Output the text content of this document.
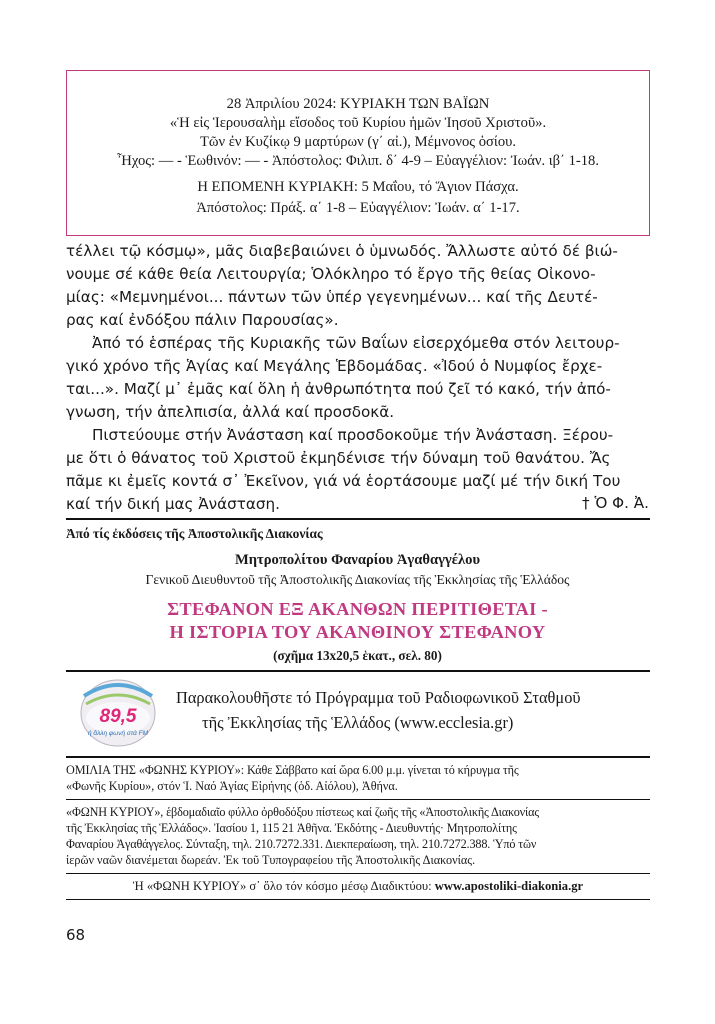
28 Ἀπριλίου 2024: ΚΥΡΙΑΚΗ ΤΩΝ ΒΑΪΩΝ
«Ἡ εἰς Ἱερουσαλὴμ εἴσοδος τοῦ Κυρίου ἡμῶν Ἰησοῦ Χριστοῦ».
Τῶν ἐν Κυζίκῳ 9 μαρτύρων (γ΄ αἰ.), Μέμνονος ὁσίου.
Ἦχος: — - Ἑωθινόν: — - Ἀπόστολος: Φιλιπ. δ΄ 4-9 – Εὐαγγέλιον: Ἰωάν. ιβ΄ 1-18.
Η ΕΠΟΜΕΝΗ ΚΥΡΙΑΚΗ: 5 Μαΐου, τό Ἅγιον Πάσχα.
Ἀπόστολος: Πράξ. α΄ 1-8 – Εὐαγγέλιον: Ἰωάν. α΄ 1-17.
τέλλει τῷ κόσμῳ», μᾶς διαβεβαιώνει ὁ ὑμνωδός. Ἄλλωστε αὐτό δέ βιώ-
νουμε σέ κάθε θεία Λειτουργία; Ὁλόκληρο τό ἔργο τῆς θείας Οἰκονο-
μίας: «Μεμνημένοι... πάντων τῶν ὑπέρ γεγενημένων... καί τῆς Δευτέ-
ρας καί ἐνδόξου πάλιν Παρουσίας».
Ἀπό τό ἑσπέρας τῆς Κυριακῆς τῶν Βαΐων εἰσερχόμεθα στόν λειτουρ-
γικό χρόνο τῆς Ἁγίας καί Μεγάλης Ἑβδομάδας. «Ἰδού ὁ Νυμφίος ἔρχε-
ται...». Μαζί μ᾽ ἐμᾶς καί ὅλη ἡ ἀνθρωπότητα πού ζεῖ τό κακό, τήν ἀπό-
γνωση, τήν ἀπελπισία, ἀλλά καί προσδοκᾶ.
Πιστεύουμε στήν Ἀνάσταση καί προσδοκοῦμε τήν Ἀνάσταση. Ξέρου-
με ὅτι ὁ θάνατος τοῦ Χριστοῦ ἐκμηδένισε τήν δύναμη τοῦ θανάτου. Ἄς
πᾶμε κι ἐμεῖς κοντά σ᾽ Ἐκεῖνον, γιά νά ἑορτάσουμε μαζί μέ τήν δική Του
καί τήν δική μας Ἀνάσταση.	† Ὁ Φ. Ἀ.
Ἀπό τίς ἐκδόσεις τῆς Ἀποστολικῆς Διακονίας
Μητροπολίτου Φαναρίου Ἀγαθαγγέλου
Γενικοῦ Διευθυντοῦ τῆς Ἀποστολικῆς Διακονίας τῆς Ἐκκλησίας τῆς Ἑλλάδος
ΣΤΕΦΑΝΟΝ ΕΞ ΑΚΑΝΘΩΝ ΠΕΡΙΤΙΘΕΤΑΙ -
Η ΙΣΤΟΡΙΑ ΤΟΥ ΑΚΑΝΘΙΝΟΥ ΣΤΕΦΑΝΟΥ
(σχῆμα 13x20,5 ἑκατ., σελ. 80)
89,5
ἡ ἄλλη φωνή στά FM
Παρακολουθῆστε τό Πρόγραμμα τοῦ Ραδιοφωνικοῦ Σταθμοῦ
τῆς Ἐκκλησίας τῆς Ἑλλάδος (www.ecclesia.gr)
ΟΜΙΛΙΑ ΤΗΣ «ΦΩΝΗΣ ΚΥΡΙΟΥ»: Κάθε Σάββατο καί ὥρα 6.00 μ.μ. γίνεται τό κήρυγμα τῆς
«Φωνῆς Κυρίου», στόν Ἱ. Ναό Ἁγίας Εἰρήνης (ὁδ. Αἰόλου), Ἀθήνα.
«ΦΩΝΗ ΚΥΡΙΟΥ», ἑβδομαδιαῖο φύλλο ὀρθοδόξου πίστεως καί ζωῆς τῆς «Ἀποστολικῆς Διακονίας
τῆς Ἐκκλησίας τῆς Ἑλλάδος». Ἰασίου 1, 115 21 Ἀθῆνα. Ἐκδότης - Διευθυντής· Μητροπολίτης
Φαναρίου Ἀγαθάγγελος. Σύνταξη, τηλ. 210.7272.331. Διεκπεραίωση, τηλ. 210.7272.388. Ὑπό τῶν
ἱερῶν ναῶν διανέμεται δωρεάν. Ἐκ τοῦ Τυπογραφείου τῆς Ἀποστολικῆς Διακονίας.
Ἡ «ΦΩΝΗ ΚΥΡΙΟΥ» σ᾽ ὅλο τόν κόσμο μέσῳ Διαδικτύου: www.apostoliki-diakonia.gr
68
